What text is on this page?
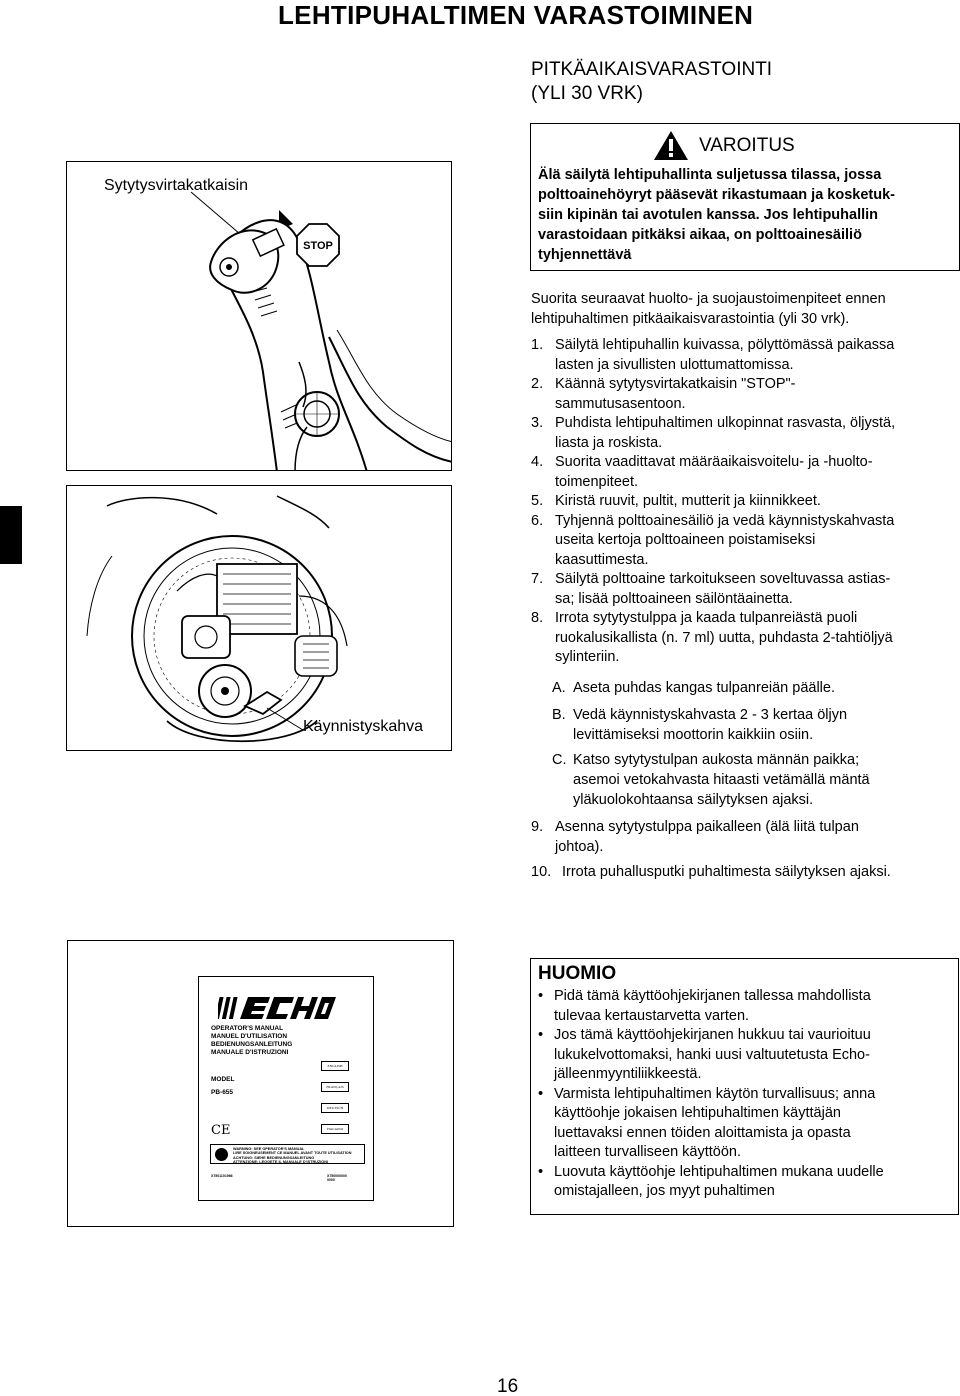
LEHTIPUHALTIMEN VARASTOIMINEN
PITKÄAIKAISVARASTOINTI
(YLI 30 VRK)
Sytytysvirtakatkaisin
STOP
Käynnistyskahva
VAROITUS
Älä säilytä lehtipuhallinta suljetussa tilassa, jossa
polttoainehöyryt pääsevät rikastumaan ja kosketuk-
siin kipinän tai avotulen kanssa. Jos lehtipuhallin
varastoidaan pitkäksi aikaa, on polttoainesäiliö
tyhjennettävä
Suorita seuraavat huolto- ja suojaustoimenpiteet ennen
lehtipuhaltimen pitkäaikaisvarastointia (yli 30 vrk).
1. Säilytä lehtipuhallin kuivassa, pölyttömässä paikassa
lasten ja sivullisten ulottumattomissa.
2. Käännä sytytysvirtakatkaisin "STOP"-
sammutusasentoon.
3. Puhdista lehtipuhaltimen ulkopinnat rasvasta, öljystä,
liasta ja roskista.
4. Suorita vaadittavat määräaikaisvoitelu- ja -huolto-
toimenpiteet.
5. Kiristä ruuvit, pultit, mutterit ja kiinnikkeet.
6. Tyhjennä polttoainesäiliö ja vedä käynnistyskahvasta
useita kertoja polttoaineen poistamiseksi
kaasuttimesta.
7. Säilytä polttoaine tarkoitukseen soveltuvassa astias-
sa; lisää polttoaineen säilöntäainetta.
8. Irrota sytytystulppa ja kaada tulpanreiästä puoli
ruokalusikallista (n. 7 ml) uutta, puhdasta 2-tahtiöljyä
sylinteriin.
A. Aseta puhdas kangas tulpanreiän päälle.
B. Vedä käynnistyskahvasta 2 - 3 kertaa öljyn
levittämiseksi moottorin kaikkiin osiin.
C. Katso sytytystulpan aukosta männän paikka;
asemoi vetokahvasta hitaasti vetämällä mäntä
yläkuolokohtaansa säilytyksen ajaksi.
9. Asenna sytytystulppa paikalleen (älä liitä tulpan
johtoa).
10. Irrota puhallusputki puhaltimesta säilytyksen ajaksi.
OPERATOR'S MANUAL
MANUEL D'UTILISATION
BEDIENUNGSANLEITUNG
MANUALE D'ISTRUZIONI
MODEL
PB-655
ENGLISH
FRANÇAIS
DEUTSCH
ITALIANO
CE
WARNING: SEE OPERATOR'S MANUAL
LIRE SOIGNEUSEMENT CE MANUEL AVANT TOUTE UTILISATION
ACHTUNG: SIEHE BEDIENUNGSANLEITUNG
ATTENZIONE: LEGGETE IL MANUALE D'ISTRUZIONI
X7501101966	X750000000
0000
HUOMIO
• Pidä tämä käyttöohjekirjanen tallessa mahdollista
tulevaa kertaustarvetta varten.
• Jos tämä käyttöohjekirjanen hukkuu tai vaurioituu
lukukelvottomaksi, hanki uusi valtuutetusta Echo-
jälleenmyyntiliikkeestä.
• Varmista lehtipuhaltimen käytön turvallisuus; anna
käyttöohje jokaisen lehtipuhaltimen käyttäjän
luettavaksi ennen töiden aloittamista ja opasta
laitteen turvalliseen käyttöön.
• Luovuta käyttöohje lehtipuhaltimen mukana uudelle
omistajalleen, jos myyt puhaltimen
16
